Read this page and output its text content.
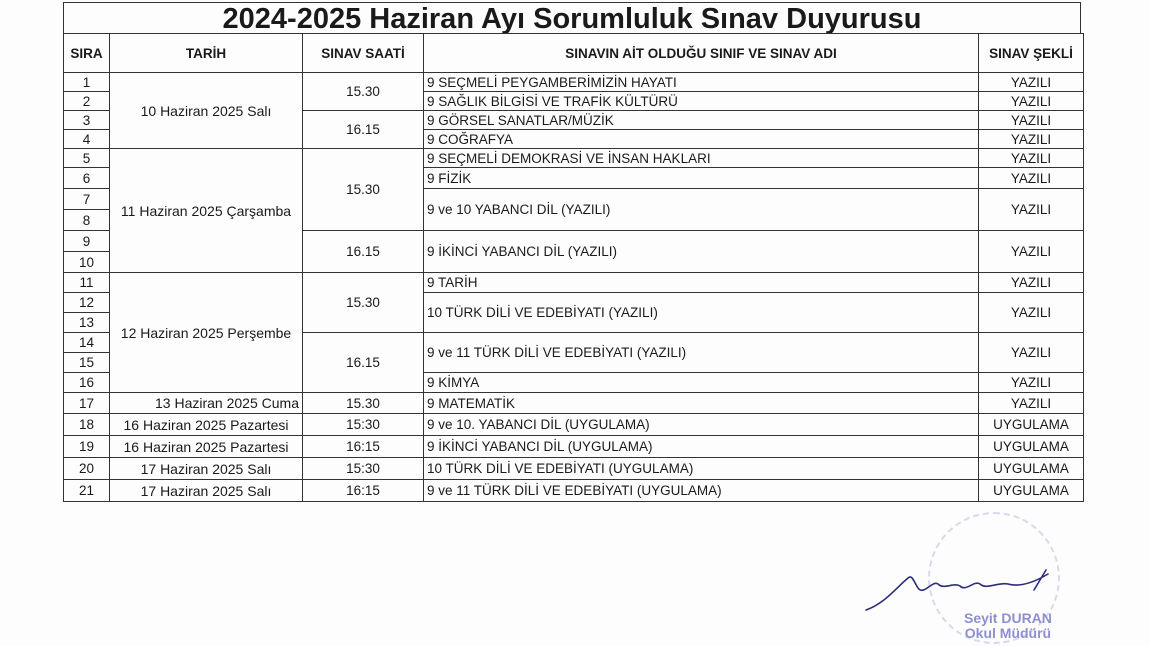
2024-2025 Haziran Ayı Sorumluluk Sınav Duyurusu
SIRA	TARİH	SINAV SAATİ	SINAVIN AİT OLDUĞU SINIF VE SINAV ADI	SINAV ŞEKLİ
1	10 Haziran 2025 Salı	15.30	9 SEÇMELİ PEYGAMBERİMİZİN HAYATI	YAZILI
2			9 SAĞLIK BİLGİSİ VE TRAFİK KÜLTÜRÜ	YAZILI
3		16.15	9 GÖRSEL SANATLAR/MÜZİK	YAZILI
4			9 COĞRAFYA	YAZILI
5	11 Haziran 2025 Çarşamba	15.30	9 SEÇMELİ DEMOKRASİ VE İNSAN HAKLARI	YAZILI
6			9 FİZİK	YAZILI
7			9 ve 10 YABANCI DİL (YAZILI)	YAZILI
8				
9		16.15	9 İKİNCİ YABANCI DİL (YAZILI)	YAZILI
10				
11	12 Haziran 2025 Perşembe	15.30	9 TARİH	YAZILI
12			10 TÜRK DİLİ VE EDEBİYATI (YAZILI)	YAZILI
13				
14		16.15	9 ve 11 TÜRK DİLİ VE EDEBİYATI (YAZILI)	YAZILI
15				
16			9 KİMYA	YAZILI
17	13 Haziran 2025 Cuma	15.30	9 MATEMATİK	YAZILI
18	16 Haziran 2025 Pazartesi	15:30	9 ve 10. YABANCI DİL (UYGULAMA)	UYGULAMA
19	16 Haziran 2025 Pazartesi	16:15	9 İKİNCİ YABANCI DİL (UYGULAMA)	UYGULAMA
20	17 Haziran 2025 Salı	15:30	10 TÜRK DİLİ VE EDEBİYATI (UYGULAMA)	UYGULAMA
21	17 Haziran 2025 Salı	16:15	9 ve 11 TÜRK DİLİ VE EDEBİYATI (UYGULAMA)	UYGULAMA
Seyit DURAN
Okul Müdürü
